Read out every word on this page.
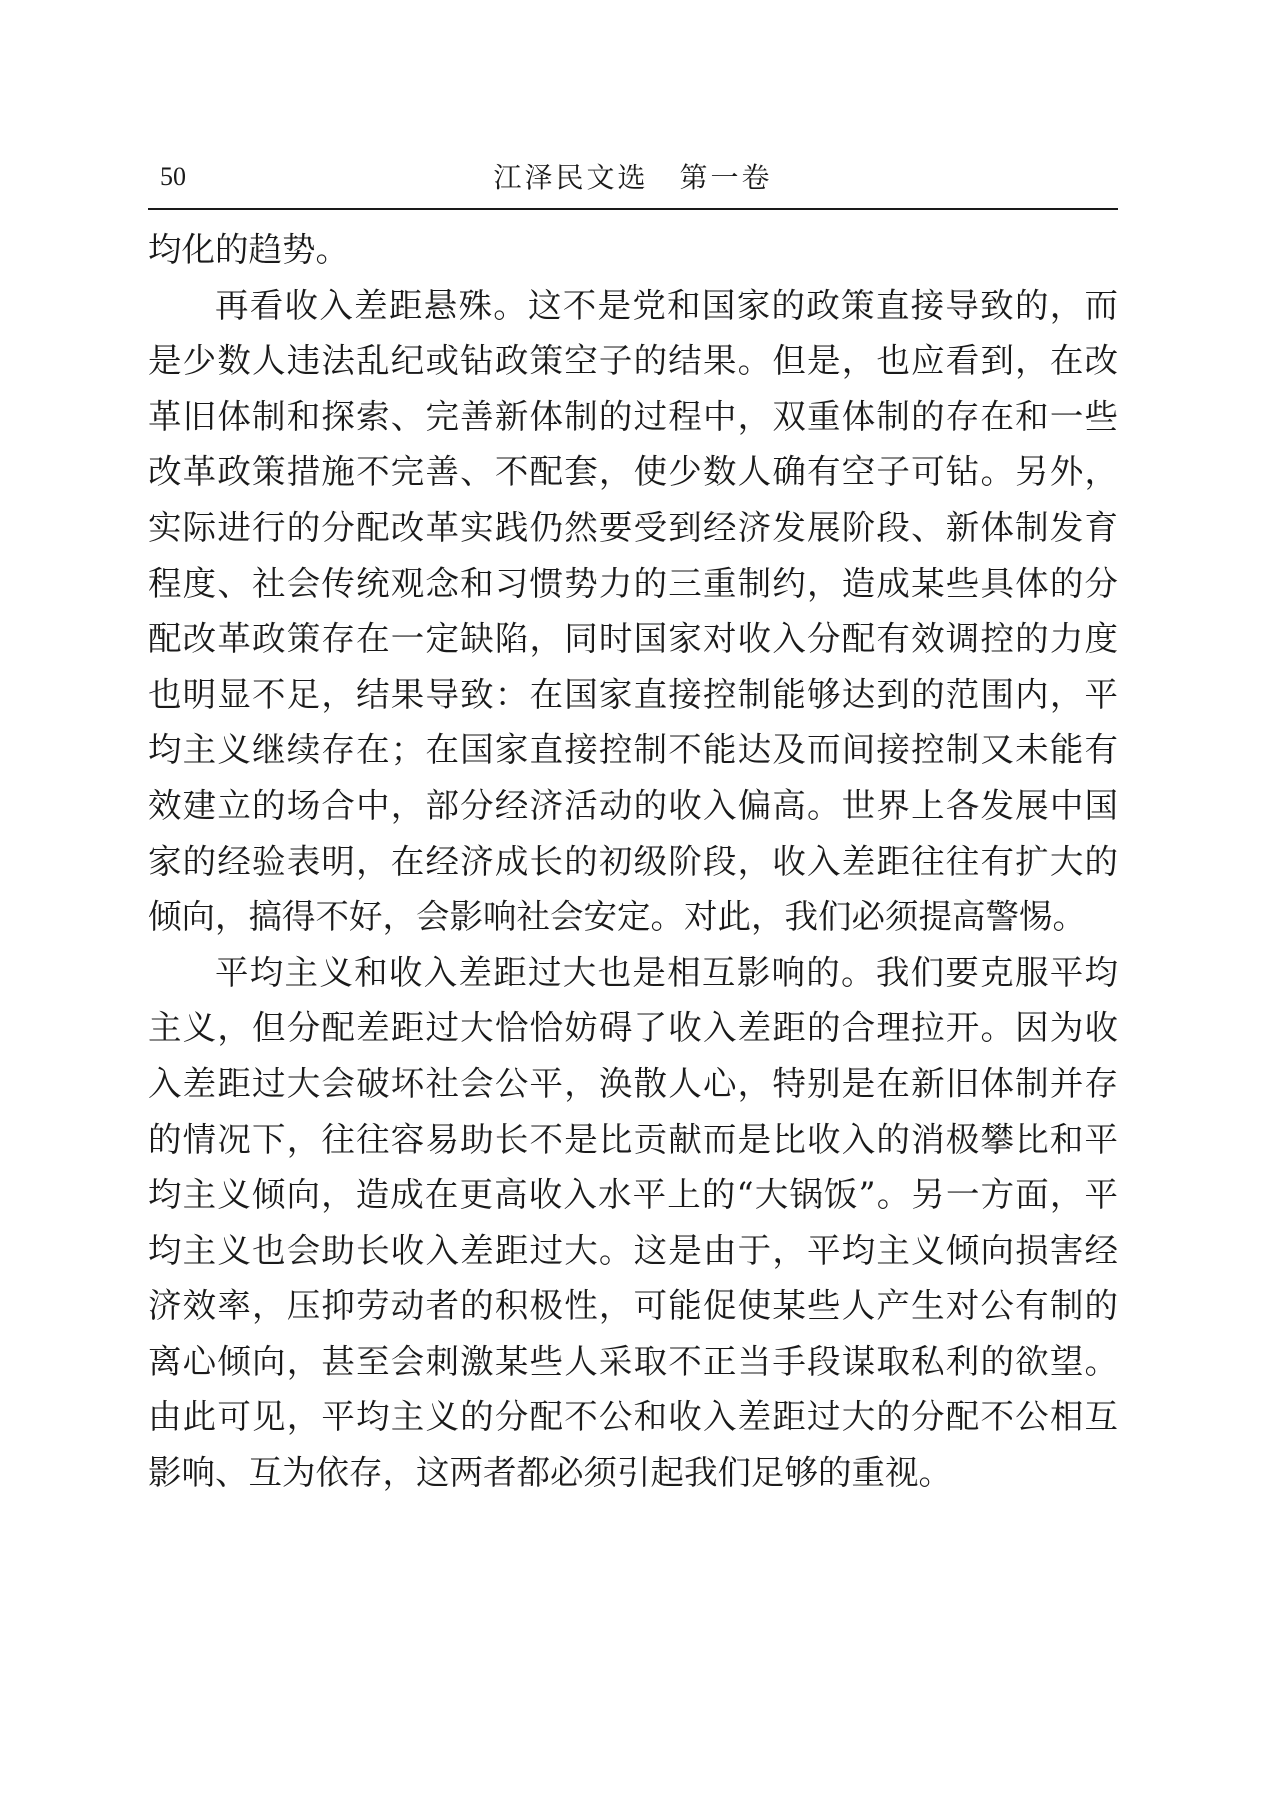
50	江泽民文选　第一卷

均化的趋势。

再看收入差距悬殊。这不是党和国家的政策直接导致的，而是少数人违法乱纪或钻政策空子的结果。但是，也应看到，在改革旧体制和探索、完善新体制的过程中，双重体制的存在和一些改革政策措施不完善、不配套，使少数人确有空子可钻。另外，实际进行的分配改革实践仍然要受到经济发展阶段、新体制发育程度、社会传统观念和习惯势力的三重制约，造成某些具体的分配改革政策存在一定缺陷，同时国家对收入分配有效调控的力度也明显不足，结果导致：在国家直接控制能够达到的范围内，平均主义继续存在；在国家直接控制不能达及而间接控制又未能有效建立的场合中，部分经济活动的收入偏高。世界上各发展中国家的经验表明，在经济成长的初级阶段，收入差距往往有扩大的倾向，搞得不好，会影响社会安定。对此，我们必须提高警惕。

平均主义和收入差距过大也是相互影响的。我们要克服平均主义，但分配差距过大恰恰妨碍了收入差距的合理拉开。因为收入差距过大会破坏社会公平，涣散人心，特别是在新旧体制并存的情况下，往往容易助长不是比贡献而是比收入的消极攀比和平均主义倾向，造成在更高收入水平上的“大锅饭”。另一方面，平均主义也会助长收入差距过大。这是由于，平均主义倾向损害经济效率，压抑劳动者的积极性，可能促使某些人产生对公有制的离心倾向，甚至会刺激某些人采取不正当手段谋取私利的欲望。由此可见，平均主义的分配不公和收入差距过大的分配不公相互影响、互为依存，这两者都必须引起我们足够的重视。
